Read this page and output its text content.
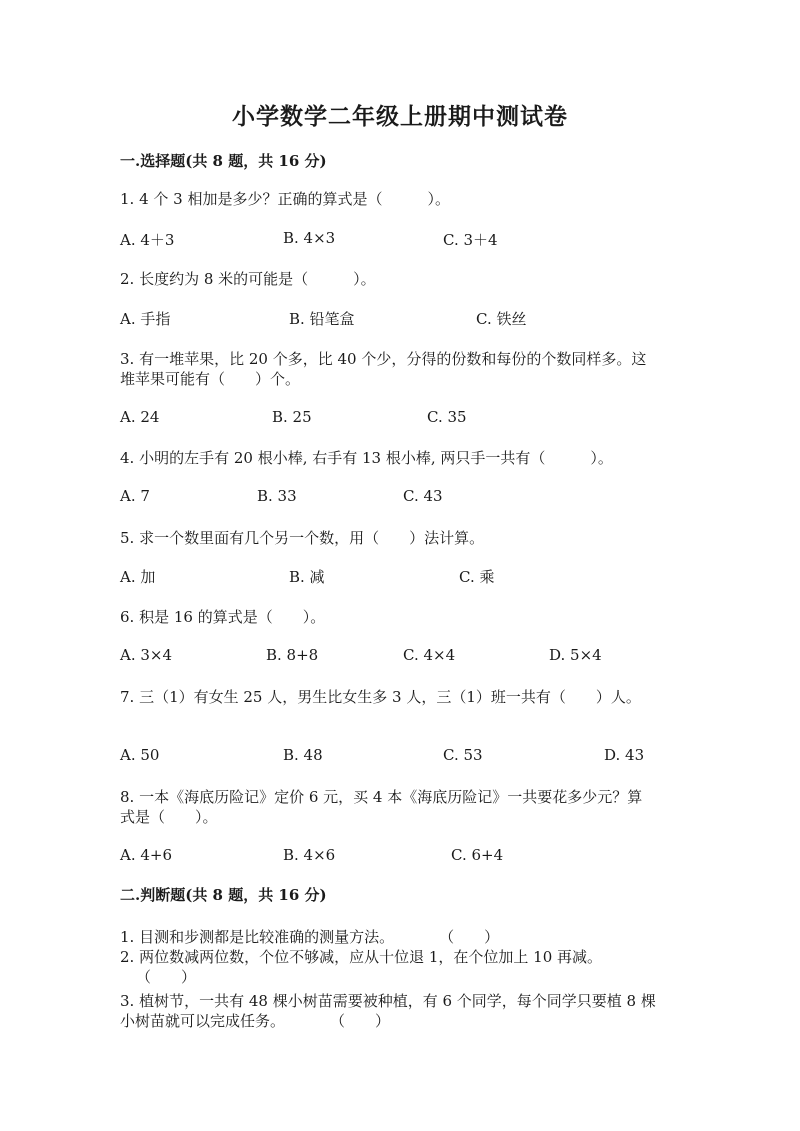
小学数学二年级上册期中测试卷
一.选择题(共 8 题，共 16 分)
1. 4 个 3 相加是多少？正确的算式是（　　　）。
A. 4＋3	B. 4×3	C. 3＋4
2. 长度约为 8 米的可能是（　　　）。
A. 手指	B. 铅笔盒	C. 铁丝
3. 有一堆苹果，比 20 个多，比 40 个少，分得的份数和每份的个数同样多。这
堆苹果可能有（　　）个。
A. 24	B. 25	C. 35
4. 小明的左手有 20 根小棒, 右手有 13 根小棒, 两只手一共有（　　　）。
A. 7	B. 33	C. 43
5. 求一个数里面有几个另一个数，用（　　）法计算。
A. 加	B. 减	C. 乘
6. 积是 16 的算式是（　　）。
A. 3×4	B. 8+8	C. 4×4	D. 5×4
7. 三（1）有女生 25 人，男生比女生多 3 人，三（1）班一共有（　　）人。
A. 50	B. 48	C. 53	D. 43
8. 一本《海底历险记》定价 6 元，买 4 本《海底历险记》一共要花多少元？算
式是（　　）。
A. 4+6	B. 4×6	C. 6+4
二.判断题(共 8 题，共 16 分)
1. 目测和步测都是比较准确的测量方法。　　　　（　　）
2. 两位数减两位数，个位不够减，应从十位退 1，在个位加上 10 再减。
（　　）
3. 植树节，一共有 48 棵小树苗需要被种植，有 6 个同学，每个同学只要植 8 棵
小树苗就可以完成任务。　　　　（　　）
